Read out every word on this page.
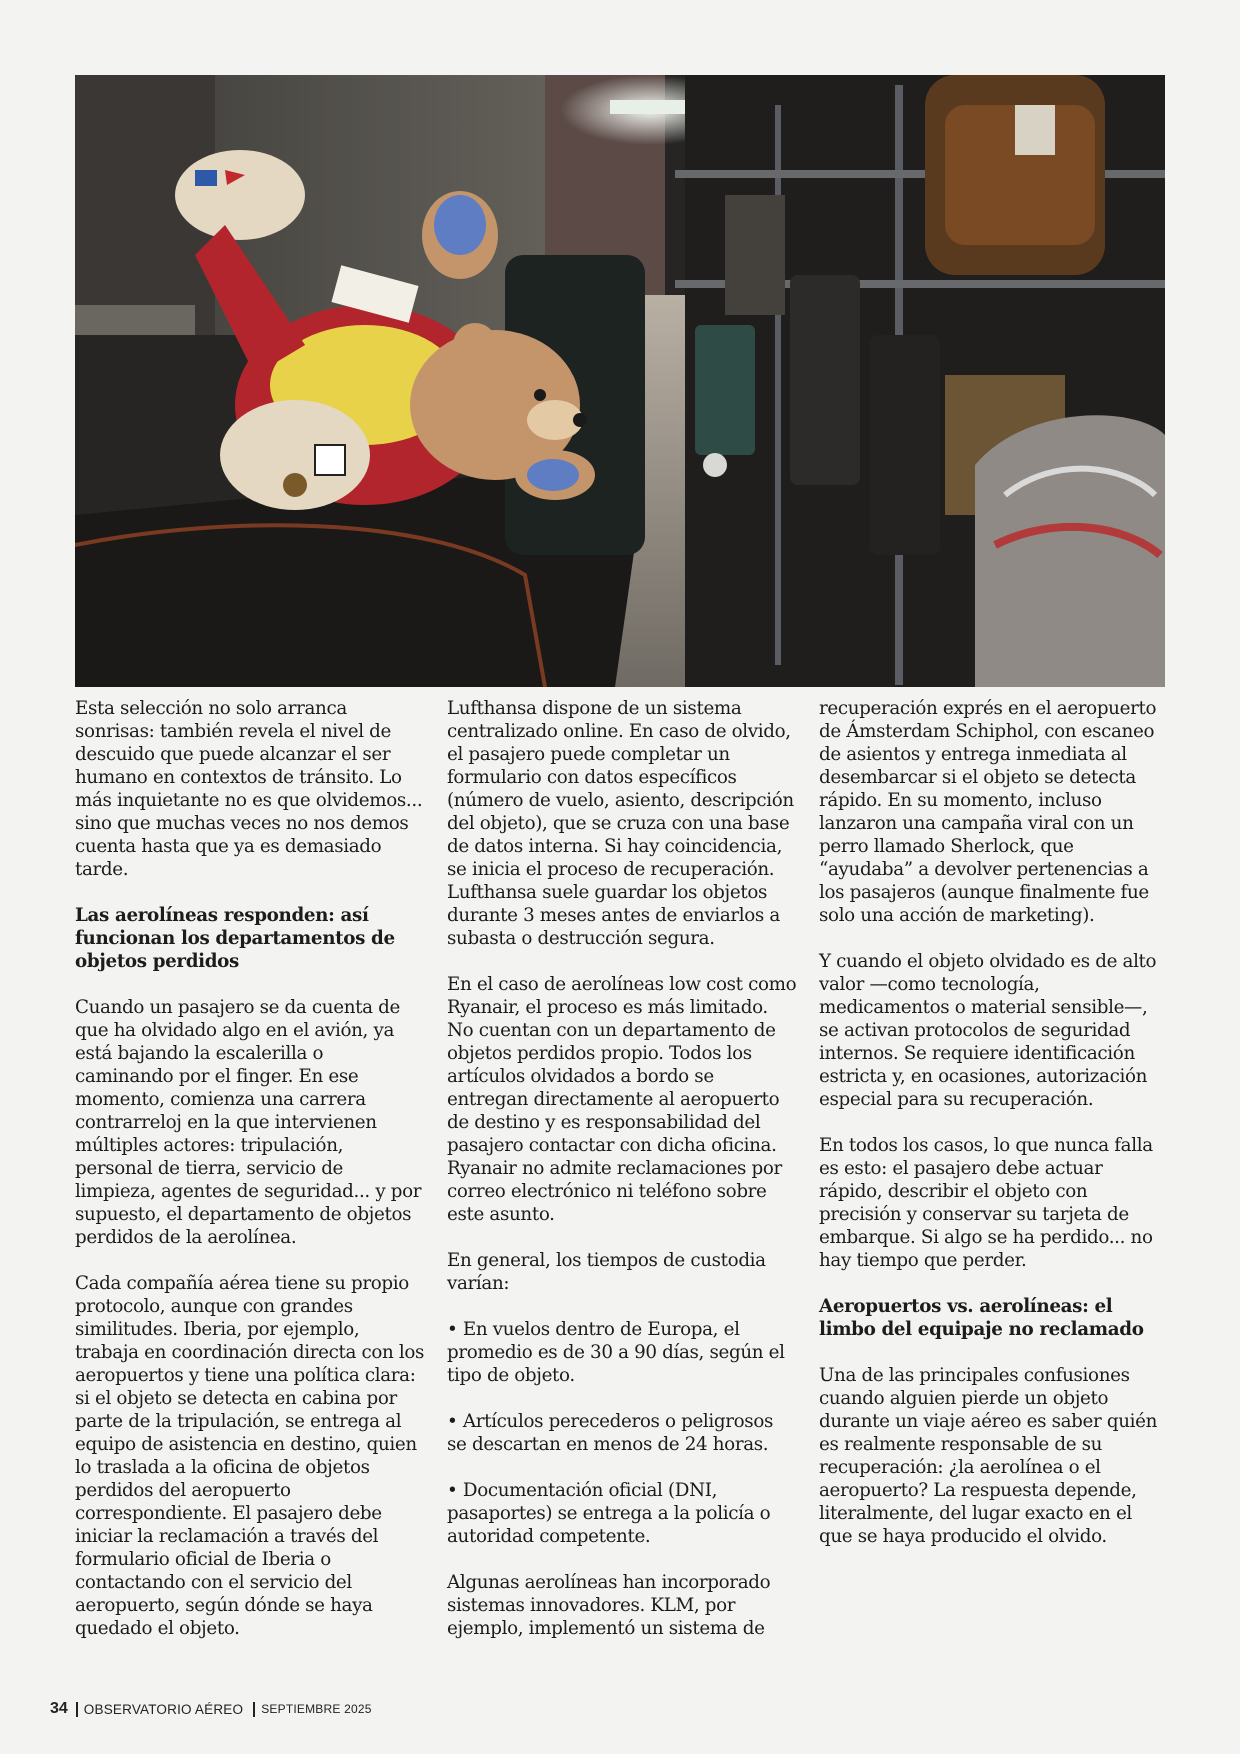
Esta selección no solo arranca sonrisas: también revela el nivel de descuido que puede alcanzar el ser humano en contextos de tránsito. Lo más inquietante no es que olvidemos... sino que muchas veces no nos demos cuenta hasta que ya es demasiado tarde.

Las aerolíneas responden: así funcionan los departamentos de objetos perdidos

Cuando un pasajero se da cuenta de que ha olvidado algo en el avión, ya está bajando la escalerilla o caminando por el finger. En ese momento, comienza una carrera contrarreloj en la que intervienen múltiples actores: tripulación, personal de tierra, servicio de limpieza, agentes de seguridad... y por supuesto, el departamento de objetos perdidos de la aerolínea.

Cada compañía aérea tiene su propio protocolo, aunque con grandes similitudes. Iberia, por ejemplo, trabaja en coordinación directa con los aeropuertos y tiene una política clara: si el objeto se detecta en cabina por parte de la tripulación, se entrega al equipo de asistencia en destino, quien lo traslada a la oficina de objetos perdidos del aeropuerto correspondiente. El pasajero debe iniciar la reclamación a través del formulario oficial de Iberia o contactando con el servicio del aeropuerto, según dónde se haya quedado el objeto.

Lufthansa dispone de un sistema centralizado online. En caso de olvido, el pasajero puede completar un formulario con datos específicos (número de vuelo, asiento, descripción del objeto), que se cruza con una base de datos interna. Si hay coincidencia, se inicia el proceso de recuperación. Lufthansa suele guardar los objetos durante 3 meses antes de enviarlos a subasta o destrucción segura.

En el caso de aerolíneas low cost como Ryanair, el proceso es más limitado. No cuentan con un departamento de objetos perdidos propio. Todos los artículos olvidados a bordo se entregan directamente al aeropuerto de destino y es responsabilidad del pasajero contactar con dicha oficina. Ryanair no admite reclamaciones por correo electrónico ni teléfono sobre este asunto.

En general, los tiempos de custodia varían:

• En vuelos dentro de Europa, el promedio es de 30 a 90 días, según el tipo de objeto.

• Artículos perecederos o peligrosos se descartan en menos de 24 horas.

• Documentación oficial (DNI, pasaportes) se entrega a la policía o autoridad competente.

Algunas aerolíneas han incorporado sistemas innovadores. KLM, por ejemplo, implementó un sistema de

recuperación exprés en el aeropuerto de Ámsterdam Schiphol, con escaneo de asientos y entrega inmediata al desembarcar si el objeto se detecta rápido. En su momento, incluso lanzaron una campaña viral con un perro llamado Sherlock, que “ayudaba” a devolver pertenencias a los pasajeros (aunque finalmente fue solo una acción de marketing).

Y cuando el objeto olvidado es de alto valor —como tecnología, medicamentos o material sensible—, se activan protocolos de seguridad internos. Se requiere identificación estricta y, en ocasiones, autorización especial para su recuperación.

En todos los casos, lo que nunca falla es esto: el pasajero debe actuar rápido, describir el objeto con precisión y conservar su tarjeta de embarque. Si algo se ha perdido... no hay tiempo que perder.

Aeropuertos vs. aerolíneas: el limbo del equipaje no reclamado

Una de las principales confusiones cuando alguien pierde un objeto durante un viaje aéreo es saber quién es realmente responsable de su recuperación: ¿la aerolínea o el aeropuerto? La respuesta depende, literalmente, del lugar exacto en el que se haya producido el olvido.

34 OBSERVATORIO AÉREO SEPTIEMBRE 2025
